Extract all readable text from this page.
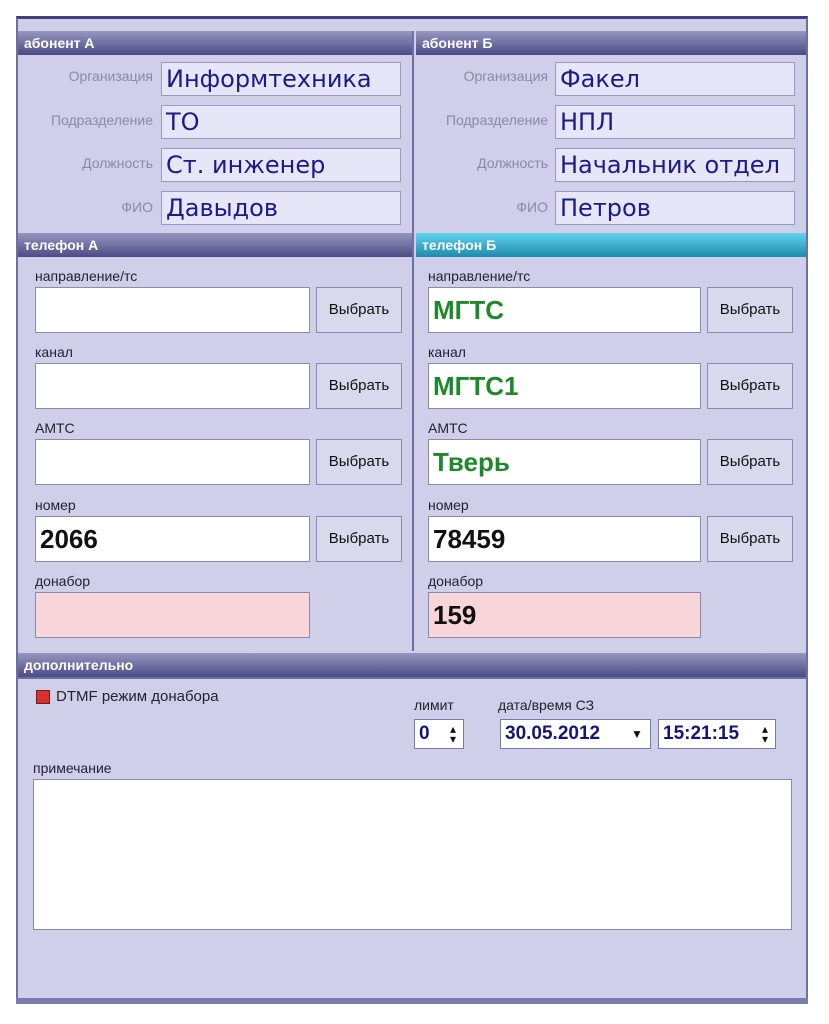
абонент А	абонент Б
Организация Информтехника
Подразделение ТО
Должность Ст. инженер
ФИО Давыдов
Организация Факел
Подразделение НПЛ
Должность Начальник отдел
ФИО Петров
телефон А	телефон Б
направление/тс
Выбрать
канал
Выбрать
АМТС
Выбрать
номер
2066	Выбрать
донабор
направление/тс
МГТС	Выбрать
канал
МГТС1	Выбрать
АМТС
Тверь	Выбрать
номер
78459	Выбрать
донабор
159
дополнительно
DTMF режим донабора	лимит
0	▴
▾
дата/время СЗ
30.05.2012	▼ 15:21:15	▴
▾
примечание
